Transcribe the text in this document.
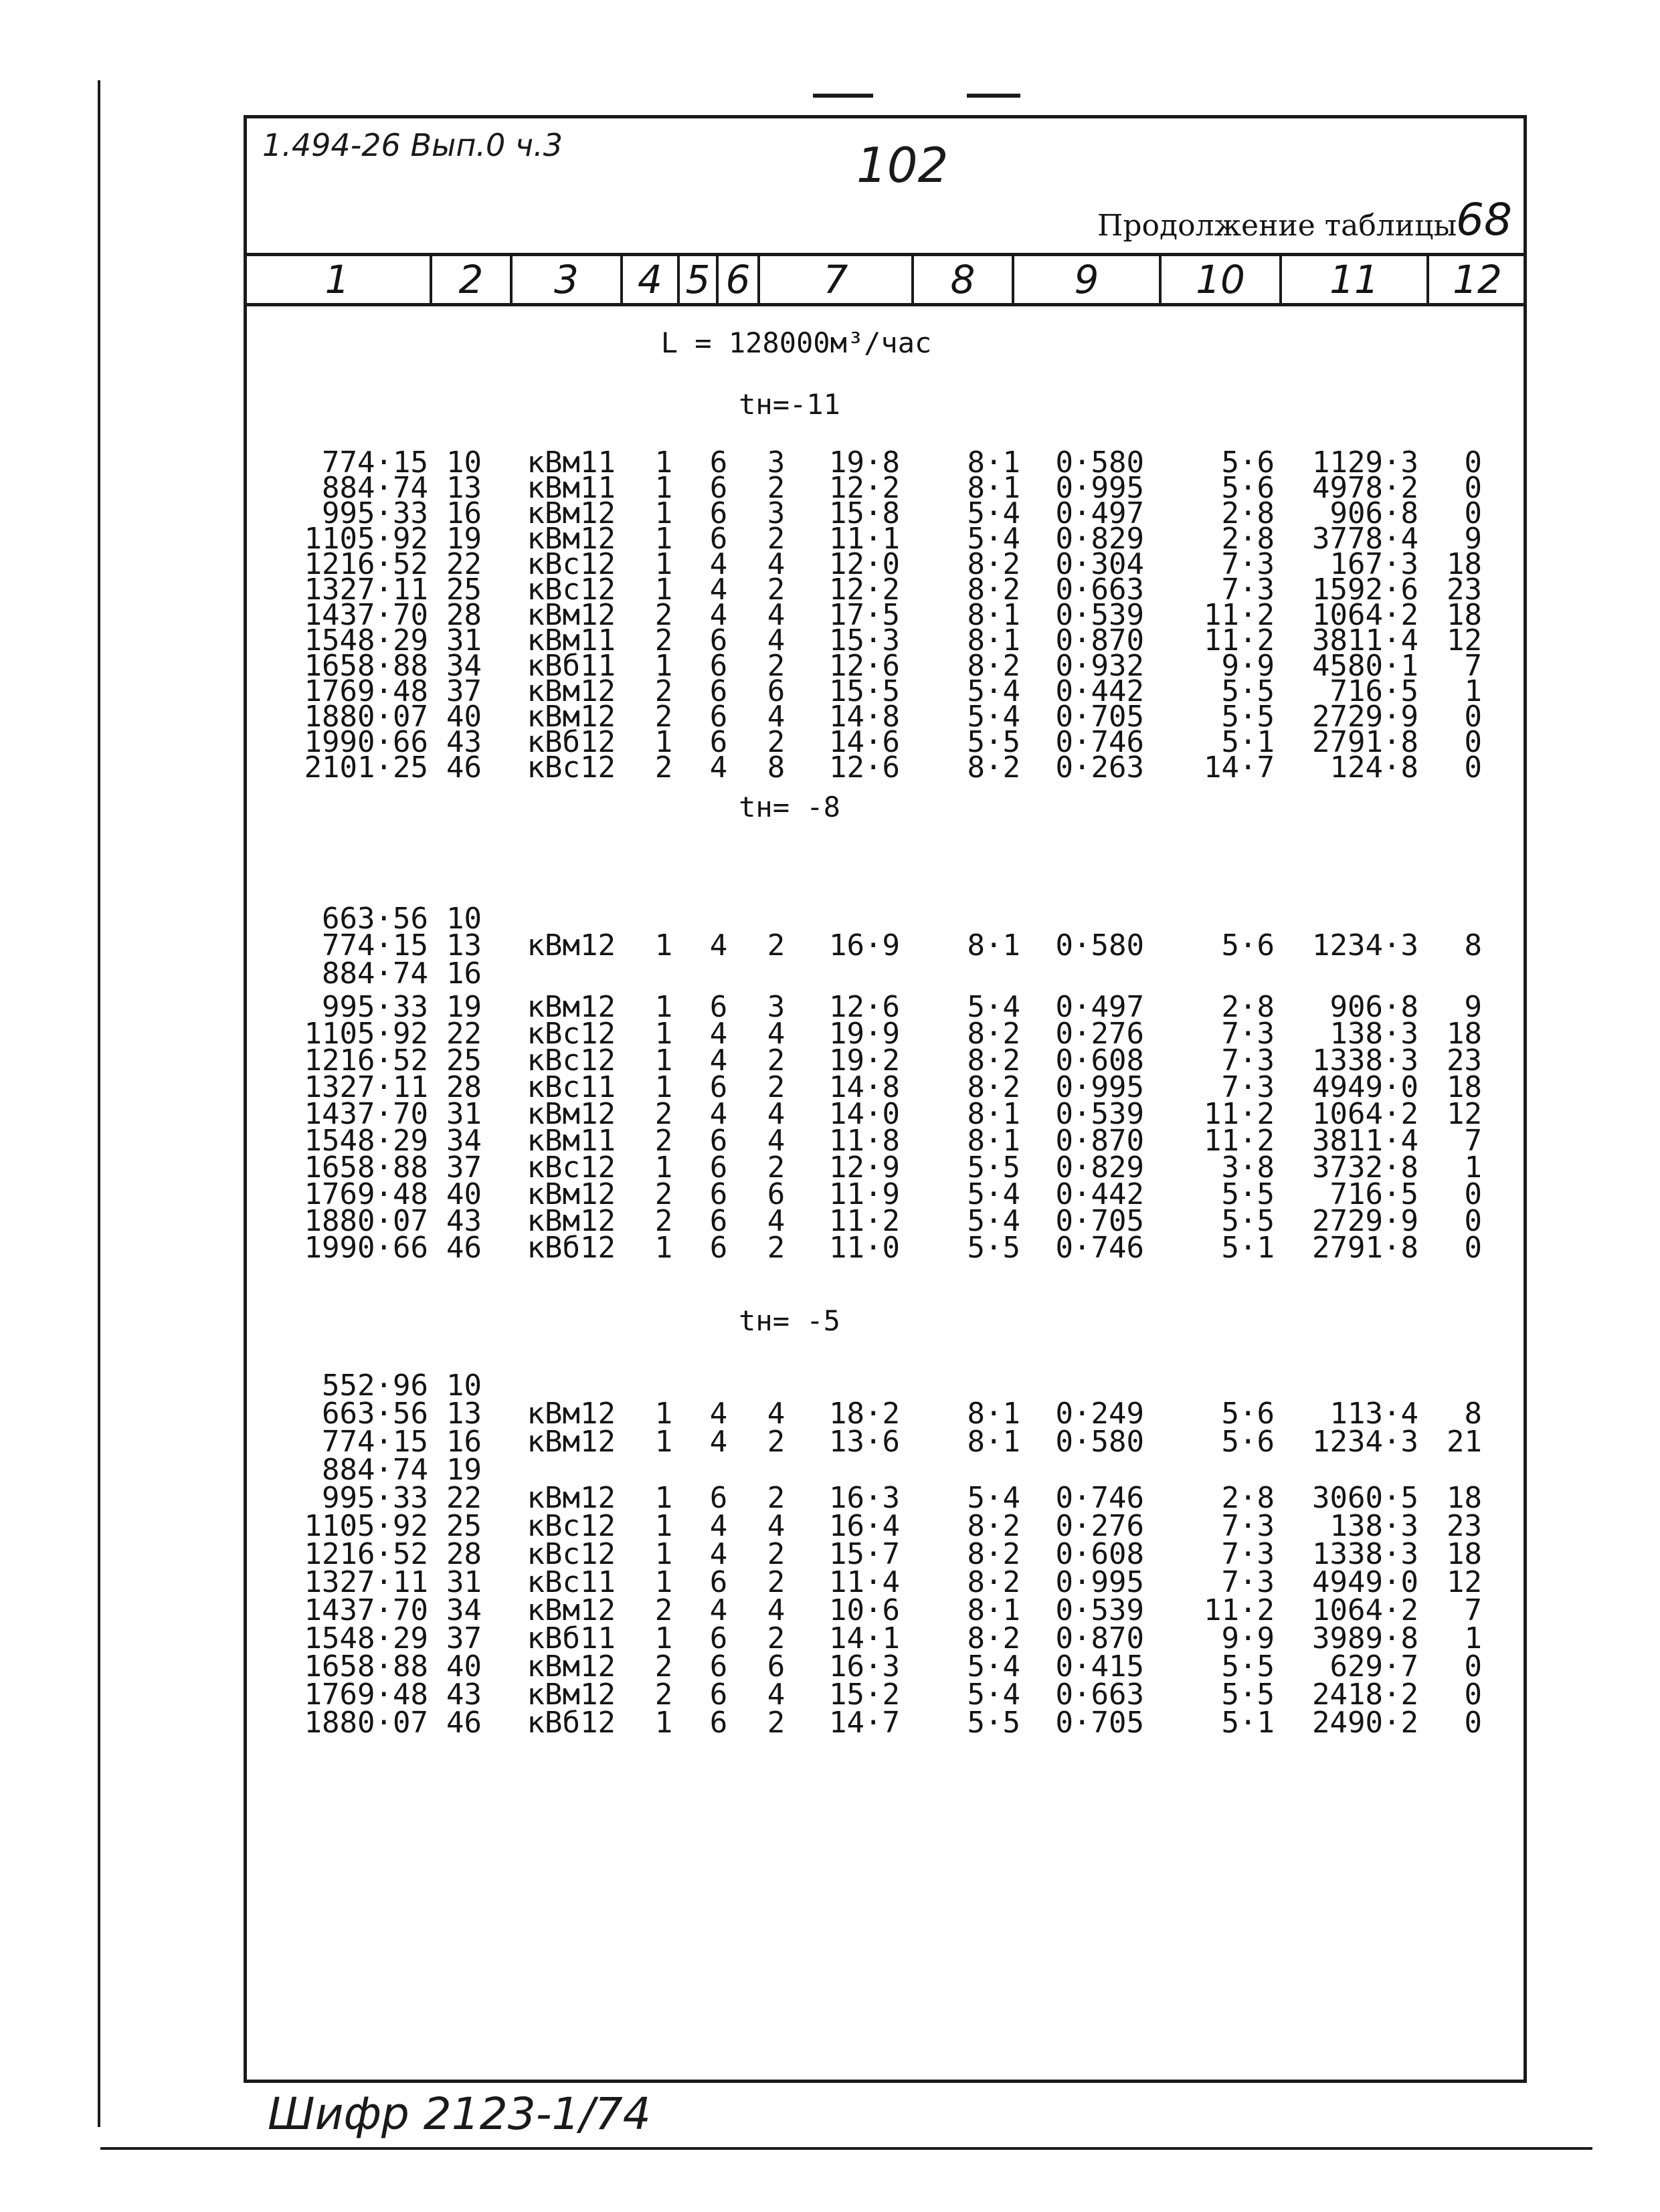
1.494-26 Вып.0 ч.3	102
Продолжение таблицы
68
1	2	3	4 5 6	7	8	9	10	11	12
L = 128000м³/час
tн=-11
774·15 10 кВм11 1 6 3 19·8 8·1 0·580	5·6 1129·3 0
884·74 13 кВм11 1 6 2 12·2 8·1 0·995	5·6 4978·2 0
995·33 16 кВм12 1 6 3 15·8 5·4 0·497	2·8 906·8 0
1105·92 19 кВм12 1 6 2 11·1 5·4 0·829	2·8 3778·4 9
1216·52 22 кВс12 1 4 4 12·0 8·2 0·304	7·3 167·3 18
1327·11 25 кВс12 1 4 2 12·2 8·2 0·663	7·3 1592·6 23
1437·70 28 кВм12 2 4 4 17·5 8·1 0·539 11·2 1064·2 18
1548·29 31 кВм11 2 6 4 15·3 8·1 0·870 11·2 3811·4 12
1658·88 34 кВб11 1 6 2 12·6 8·2 0·932	9·9 4580·1 7
1769·48 37 кВм12 2 6 6 15·5 5·4 0·442	5·5 716·5 1
1880·07 40 кВм12 2 6 4 14·8 5·4 0·705	5·5 2729·9 0
1990·66 43 кВб12 1 6 2 14·6 5·5 0·746	5·1 2791·8 0
2101·25 46 кВс12 2 4 8 12·6 8·2 0·263 14·7 124·8 0
tн= -8
663·56 10
774·15 13 кВм12 1 4 2 16·9 8·1 0·580	5·6 1234·3 8
884·74 16
995·33 19 кВм12 1 6 3 12·6 5·4 0·497	2·8 906·8 9
1105·92 22 кВс12 1 4 4 19·9 8·2 0·276	7·3 138·3 18
1216·52 25 кВс12 1 4 2 19·2 8·2 0·608	7·3 1338·3 23
1327·11 28 кВс11 1 6 2 14·8 8·2 0·995	7·3 4949·0 18
1437·70 31 кВм12 2 4 4 14·0 8·1 0·539 11·2 1064·2 12
1548·29 34 кВм11 2 6 4 11·8 8·1 0·870 11·2 3811·4 7
1658·88 37 кВс12 1 6 2 12·9 5·5 0·829	3·8 3732·8 1
1769·48 40 кВм12 2 6 6 11·9 5·4 0·442	5·5 716·5 0
1880·07 43 кВм12 2 6 4 11·2 5·4 0·705	5·5 2729·9 0
1990·66 46 кВб12 1 6 2 11·0 5·5 0·746	5·1 2791·8 0
tн= -5
552·96 10
663·56 13 кВм12 1 4 4 18·2 8·1 0·249	5·6 113·4 8
774·15 16 кВм12 1 4 2 13·6 8·1 0·580	5·6 1234·3 21
884·74 19
995·33 22 кВм12 1 6 2 16·3 5·4 0·746	2·8 3060·5 18
1105·92 25 кВс12 1 4 4 16·4 8·2 0·276	7·3 138·3 23
1216·52 28 кВс12 1 4 2 15·7 8·2 0·608	7·3 1338·3 18
1327·11 31 кВс11 1 6 2 11·4 8·2 0·995	7·3 4949·0 12
1437·70 34 кВм12 2 4 4 10·6 8·1 0·539 11·2 1064·2 7
1548·29 37 кВб11 1 6 2 14·1 8·2 0·870	9·9 3989·8 1
1658·88 40 кВм12 2 6 6 16·3 5·4 0·415	5·5 629·7 0
1769·48 43 кВм12 2 6 4 15·2 5·4 0·663	5·5 2418·2 0
1880·07 46 кВб12 1 6 2 14·7 5·5 0·705	5·1 2490·2 0
Шифр 2123-1/74
